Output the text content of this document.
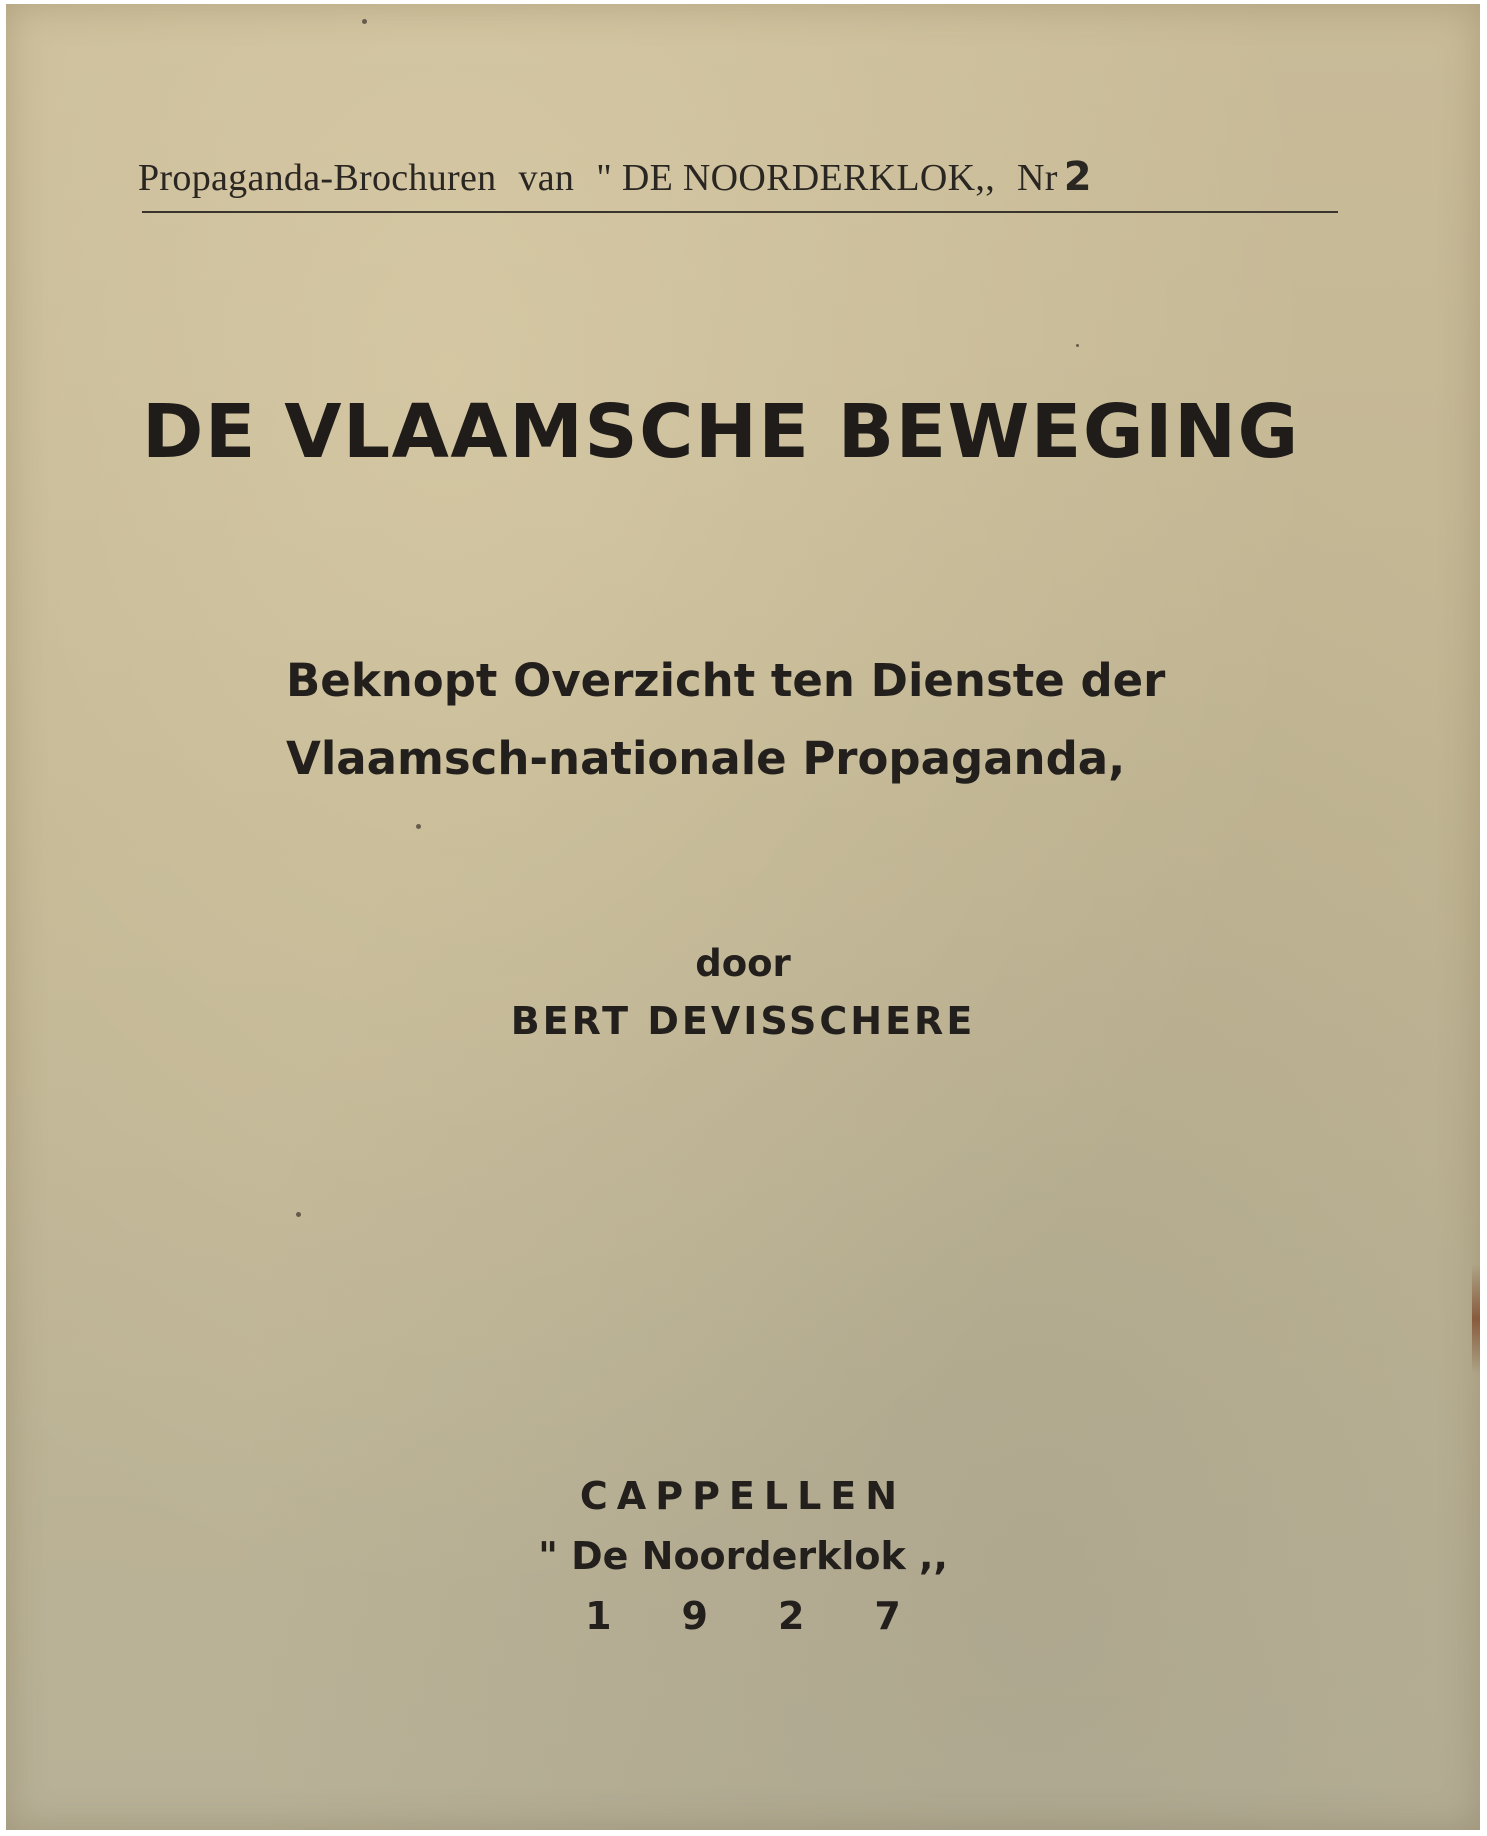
Propaganda-Brochuren van " DE NOORDERKLOK,, Nr 2
DE VLAAMSCHE BEWEGING
Beknopt Overzicht ten Dienste der
Vlaamsch-nationale Propaganda,
door
BERT DEVISSCHERE
CAPPELLEN
" De Noorderklok ,,
1927
